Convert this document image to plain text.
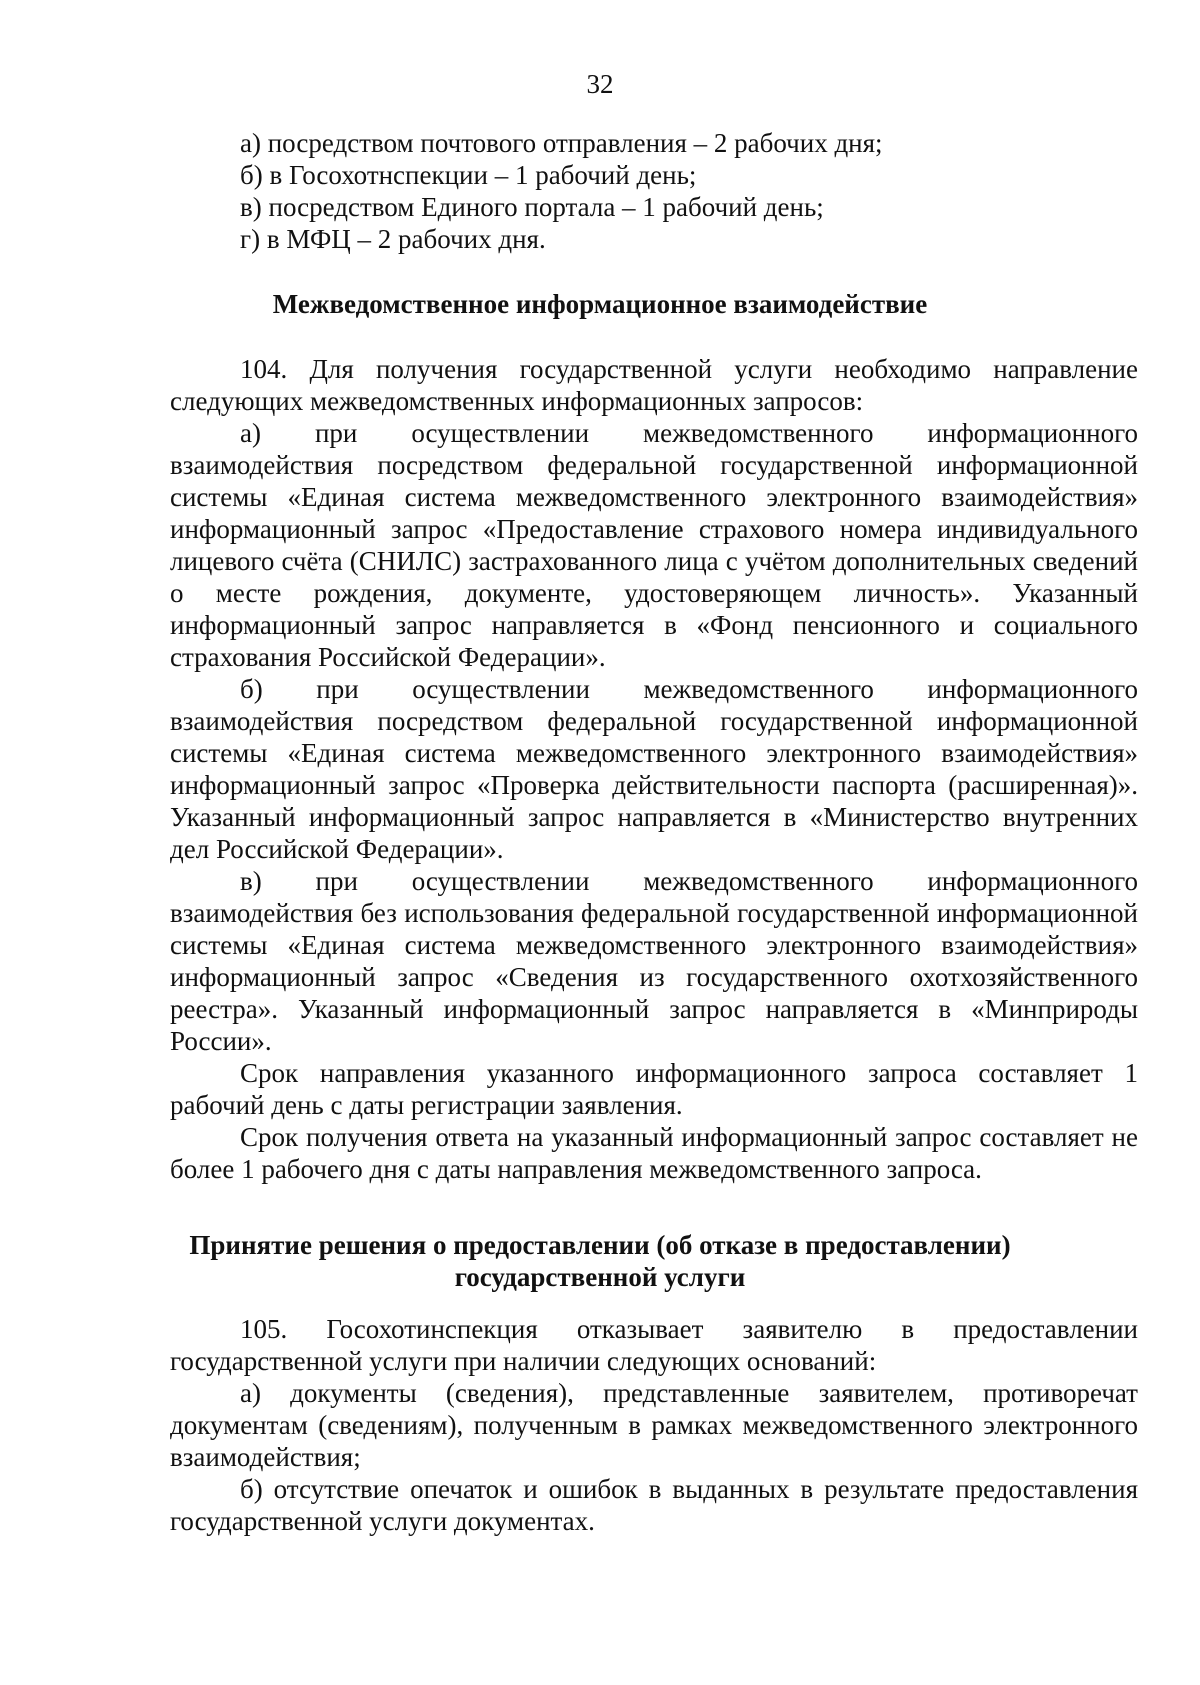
32
а) посредством почтового отправления – 2 рабочих дня;
б) в Госохотнспекции – 1 рабочий день;
в) посредством Единого портала – 1 рабочий день;
г) в МФЦ – 2 рабочих дня.
Межведомственное информационное взаимодействие

104. Для получения государственной услуги необходимо направление следующих межведомственных информационных запросов:

а) при осуществлении межведомственного информационного взаимодействия посредством федеральной государственной информационной системы «Единая система межведомственного электронного взаимодействия» информационный запрос «Предоставление страхового номера индивидуального лицевого счёта (СНИЛС) застрахованного лица с учётом дополнительных сведений о месте рождения, документе, удостоверяющем личность». Указанный информационный запрос направляется в «Фонд пенсионного и социального страхования Российской Федерации».

б) при осуществлении межведомственного информационного взаимодействия посредством федеральной государственной информационной системы «Единая система межведомственного электронного взаимодействия» информационный запрос «Проверка действительности паспорта (расширенная)». Указанный информационный запрос направляется в «Министерство внутренних дел Российской Федерации».

в) при осуществлении межведомственного информационного взаимодействия без использования федеральной государственной информационной системы «Единая система межведомственного электронного взаимодействия» информационный запрос «Сведения из государственного охотхозяйственного реестра». Указанный информационный запрос направляется в «Минприроды России».

Срок направления указанного информационного запроса составляет 1 рабочий день с даты регистрации заявления.

Срок получения ответа на указанный информационный запрос составляет не более 1 рабочего дня с даты направления межведомственного запроса.

Принятие решения о предоставлении (об отказе в предоставлении)
государственной услуги

105. Госохотинспекция отказывает заявителю в предоставлении государственной услуги при наличии следующих оснований:

а) документы (сведения), представленные заявителем, противоречат документам (сведениям), полученным в рамках межведомственного электронного взаимодействия;

б) отсутствие опечаток и ошибок в выданных в результате предоставления государственной услуги документах.
